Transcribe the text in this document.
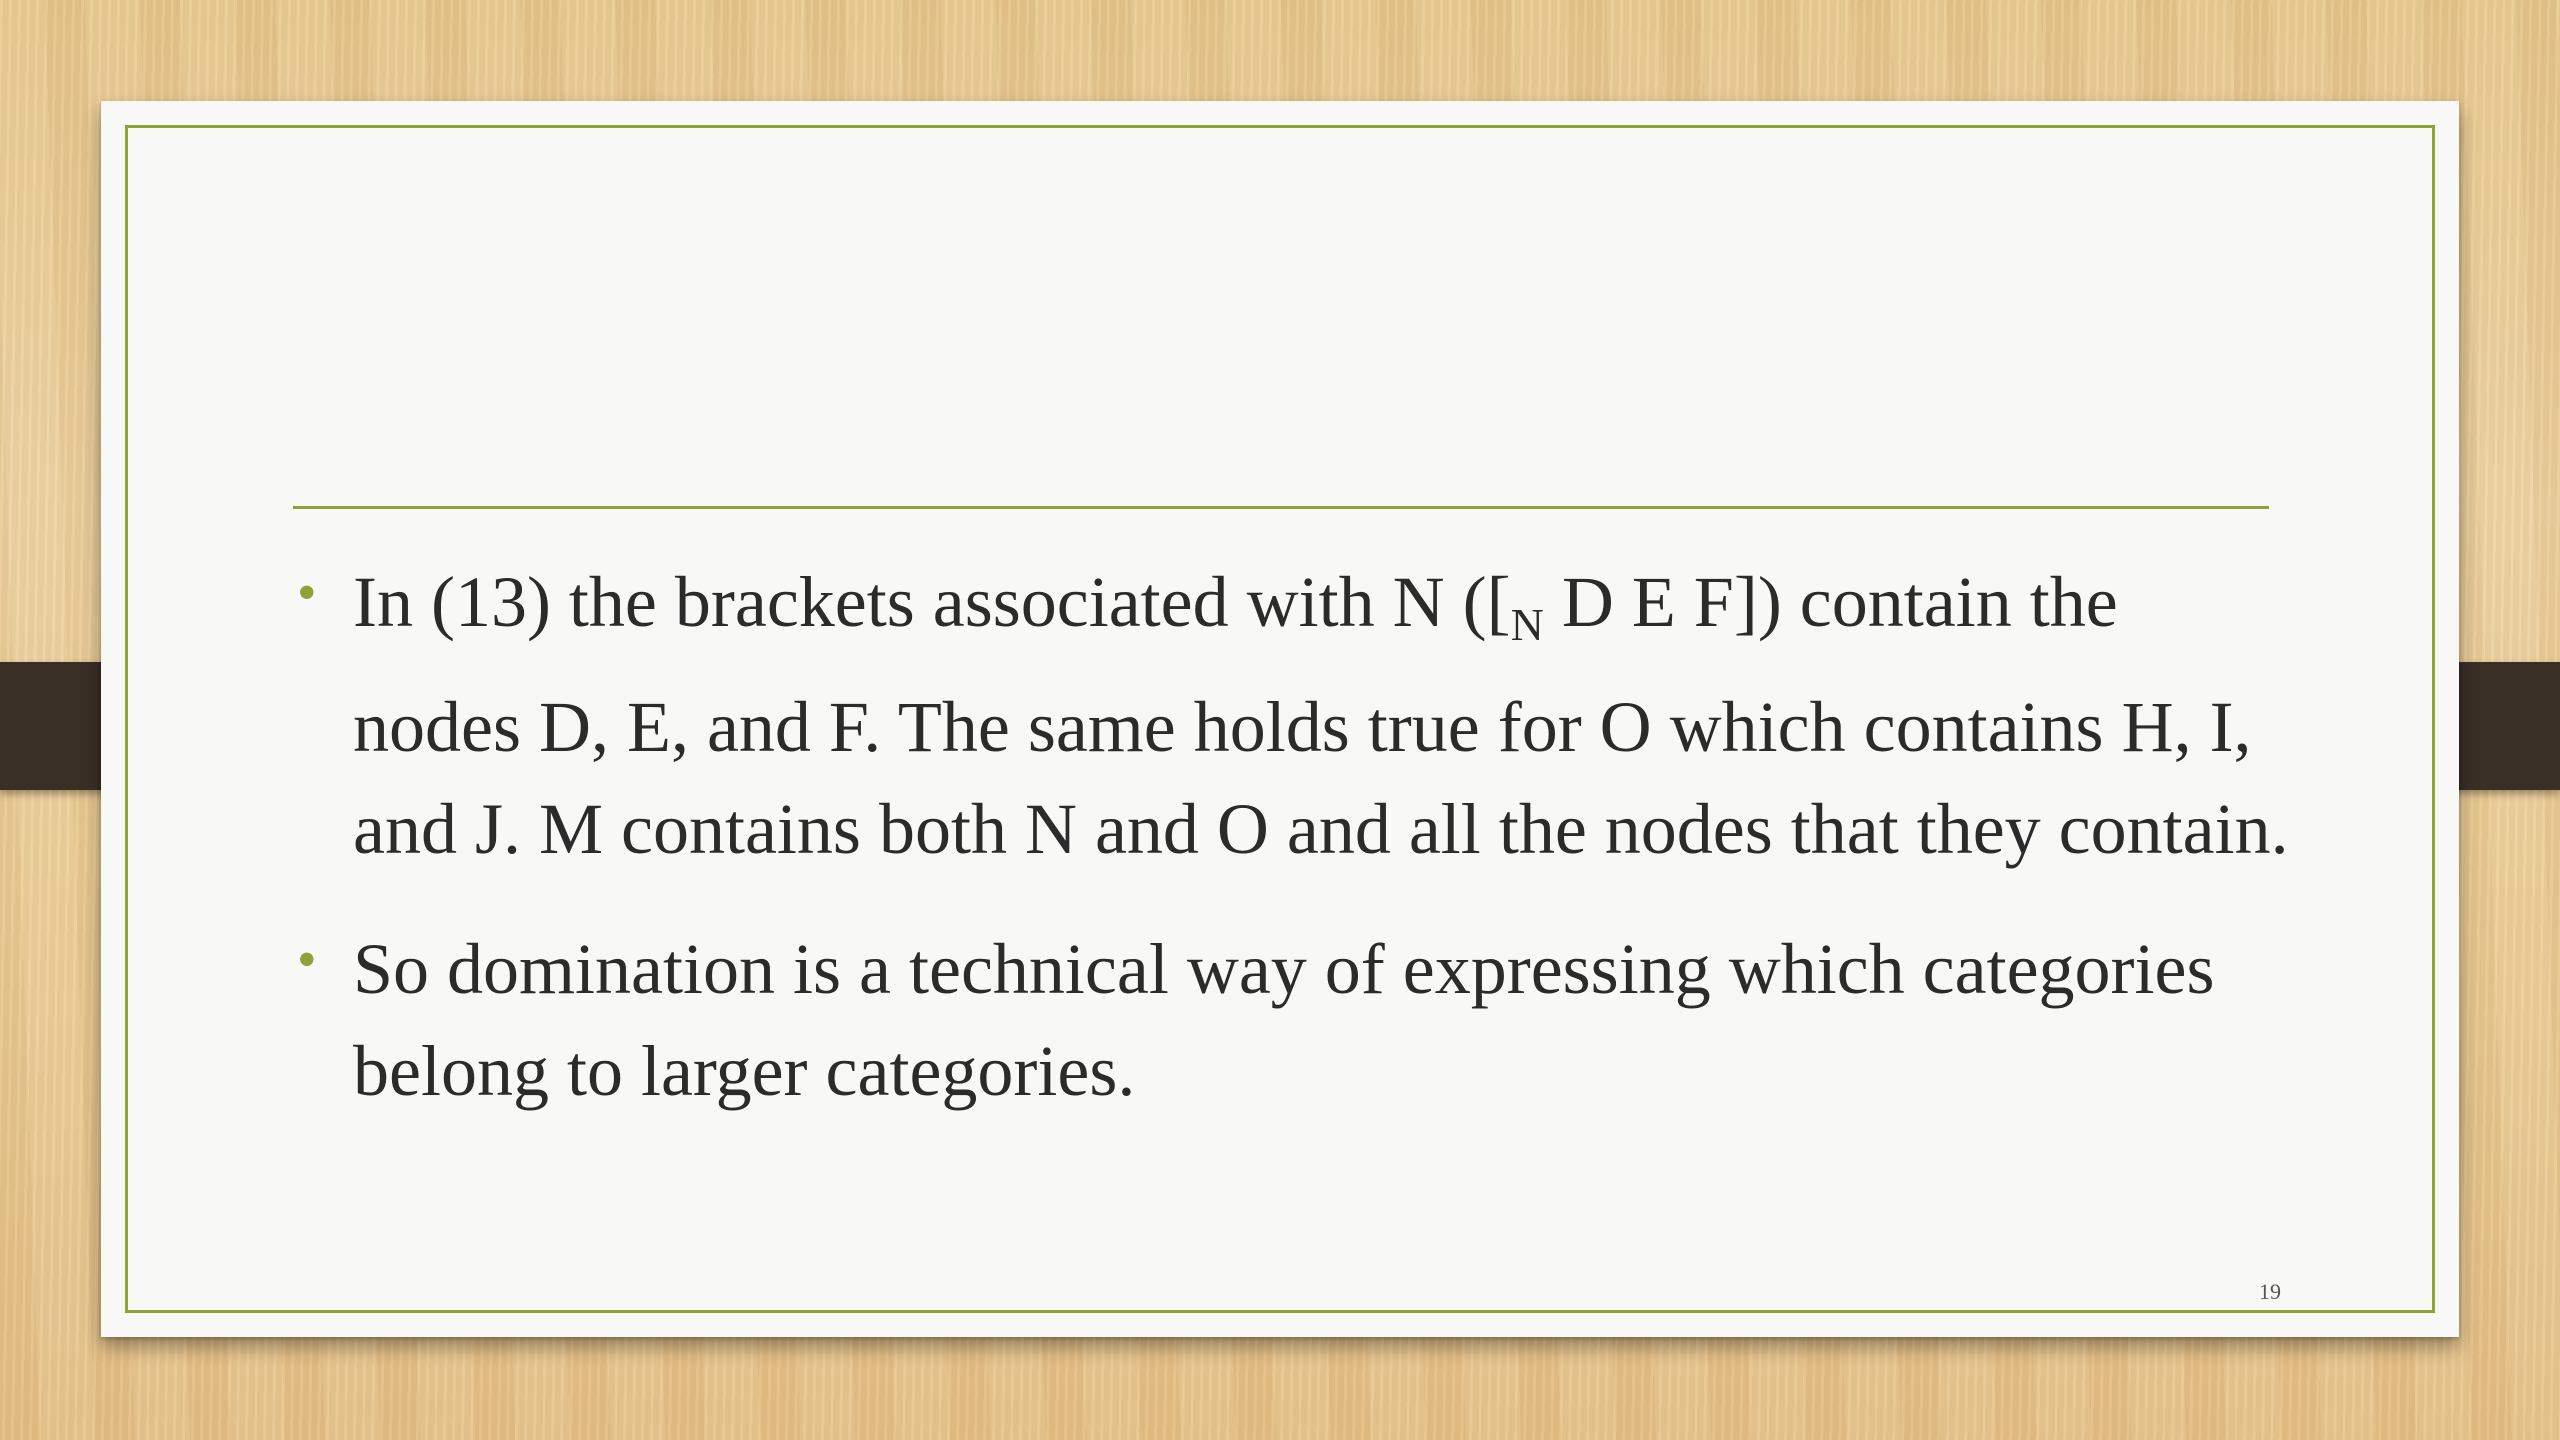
• In (13) the brackets associated with N ([$_N$ D E F]) contain the nodes D, E, and F. The same holds true for O which contains H, I, and J. M contains both N and O and all the nodes that they contain.
• So domination is a technical way of expressing which categories belong to larger categories.
19
